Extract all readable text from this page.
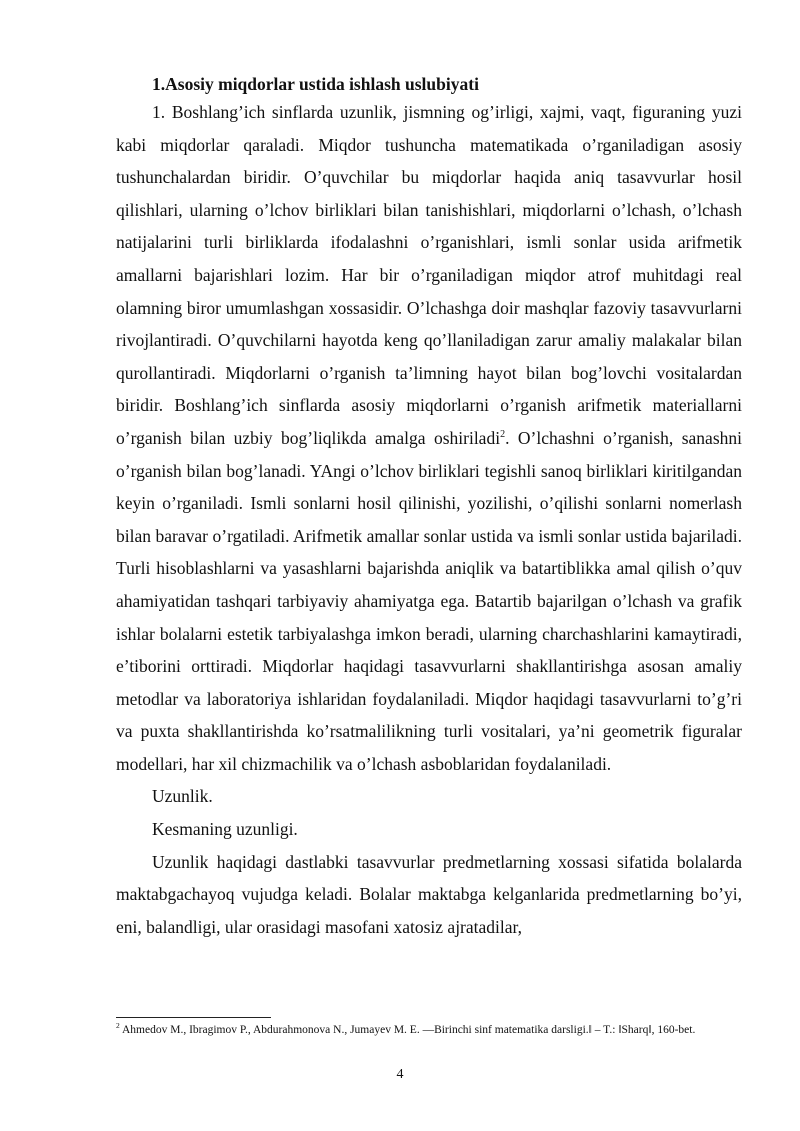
1.Asosiy miqdorlar ustida ishlash uslubiyati

1. Boshlang’ich sinflarda uzunlik, jismning og’irligi, xajmi, vaqt, figuraning yuzi kabi miqdorlar qaraladi. Miqdor tushuncha matematikada o’rganiladigan asosiy tushunchalardan biridir. O’quvchilar bu miqdorlar haqida aniq tasavvurlar hosil qilishlari, ularning o’lchov birliklari bilan tanishishlari, miqdorlarni o’lchash, o’lchash natijalarini turli birliklarda ifodalashni o’rganishlari, ismli sonlar usida arifmetik amallarni bajarishlari lozim. Har bir o’rganiladigan miqdor atrof muhitdagi real olamning biror umumlashgan xossasidir. O’lchashga doir mashqlar fazoviy tasavvurlarni rivojlantiradi. O’quvchilarni hayotda keng qo’llaniladigan zarur amaliy malakalar bilan qurollantiradi. Miqdorlarni o’rganish ta’limning hayot bilan bog’lovchi vositalardan biridir. Boshlang’ich sinflarda asosiy miqdorlarni o’rganish arifmetik materiallarni o’rganish bilan uzbiy bog’liqlikda amalga oshiriladi$^2$. O’lchashni o’rganish, sanashni o’rganish bilan bog’lanadi. YAngi o’lchov birliklari tegishli sanoq birliklari kiritilgandan keyin o’rganiladi. Ismli sonlarni hosil qilinishi, yozilishi, o’qilishi sonlarni nomerlash bilan baravar o’rgatiladi. Arifmetik amallar sonlar ustida va ismli sonlar ustida bajariladi. Turli hisoblashlarni va yasashlarni bajarishda aniqlik va batartiblikka amal qilish o’quv ahamiyatidan tashqari tarbiyaviy ahamiyatga ega. Batartib bajarilgan o’lchash va grafik ishlar bolalarni estetik tarbiyalashga imkon beradi, ularning charchashlarini kamaytiradi, e’tiborini orttiradi. Miqdorlar haqidagi tasavvurlarni shakllantirishga asosan amaliy metodlar va laboratoriya ishlaridan foydalaniladi. Miqdor haqidagi tasavvurlarni to’g’ri va puxta shakllantirishda ko’rsatmalilikning turli vositalari, ya’ni geometrik figuralar modellari, har xil chizmachilik va o’lchash asboblaridan foydalaniladi.

Uzunlik.

Kesmaning uzunligi.

Uzunlik haqidagi dastlabki tasavvurlar predmetlarning xossasi sifatida bolalarda maktabgachayoq vujudga keladi. Bolalar maktabga kelganlarida predmetlarning bo’yi, eni, balandligi, ular orasidagi masofani xatosiz ajratadilar,

$^2$ Ahmedov M., Ibragimov P., Abdurahmonova N., Jumayev M. E. —Birinchi sinf matematika darsligi.‖ – T.: ‖Sharq‖, 160-bet.
4
